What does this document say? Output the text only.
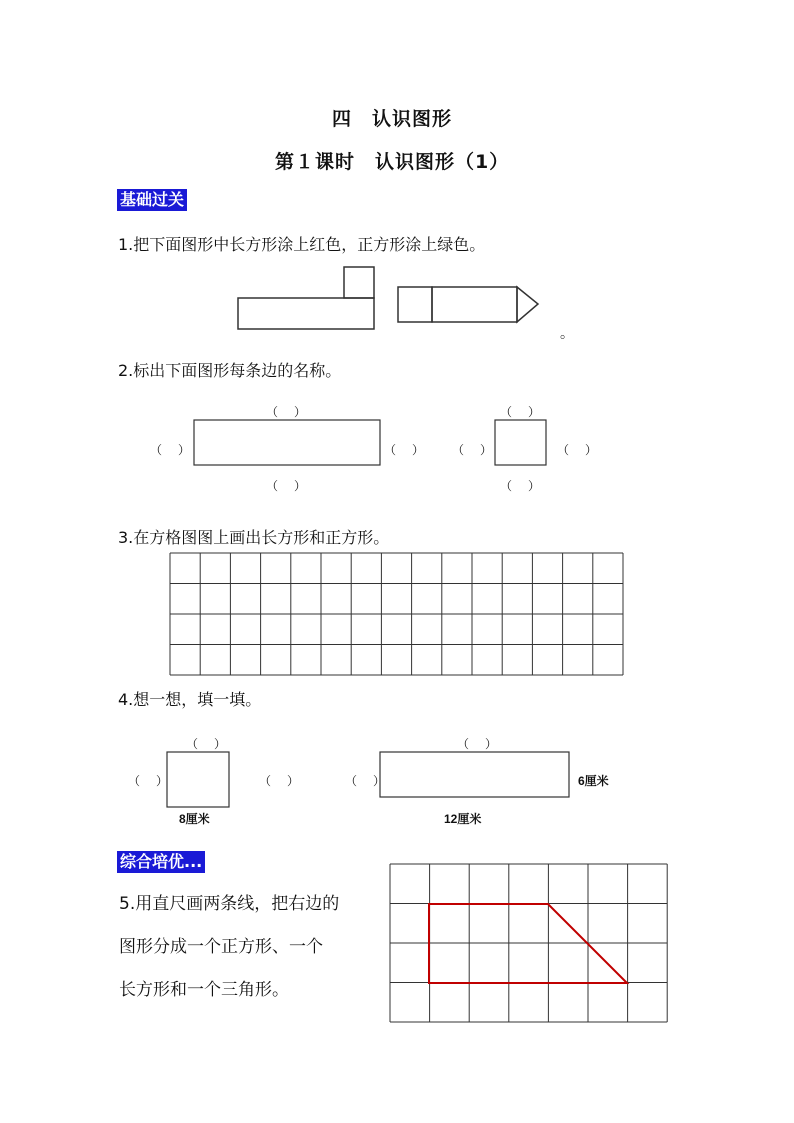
四　认识图形
第１课时　认识图形（1）
基础过关
1.把下面图形中长方形涂上红色，正方形涂上绿色。
。
2.标出下面图形每条边的名称。
（　）
（　）	（　）
（　）
（　）
（　）	（　）
（　）
3.在方格图图上画出长方形和正方形。
4.想一想，填一填。
（　）
（　）	（　）	（　）
（　）
8厘米	12厘米
6厘米
综合培优...
5.用直尺画两条线，把右边的
图形分成一个正方形、一个
长方形和一个三角形。
